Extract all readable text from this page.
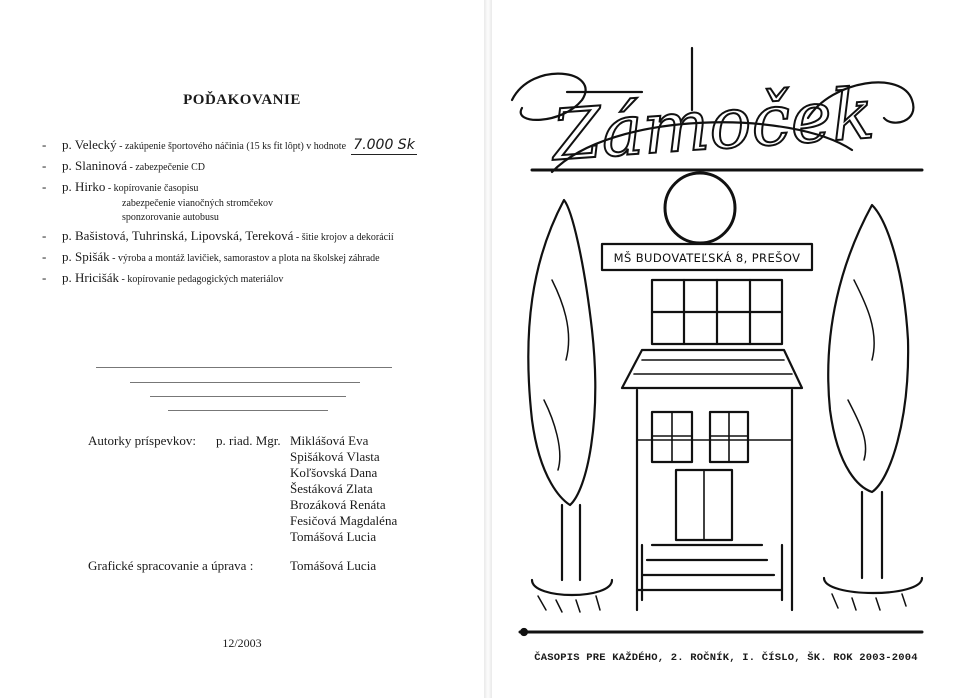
POĎAKOVANIE
- p. Velecký - zakúpenie športového náčinia (15 ks fit lôpt) v hodnote 7.000 Sk
- p. Slaninová - zabezpečenie CD
- p. Hirko - kopírovanie časopisu
zabezpečenie vianočných stromčekov
sponzorovanie autobusu
- p. Bašistová, Tuhrinská, Lipovská, Tereková - šitie krojov a dekorácií
- p. Spišák - výroba a montáž lavičiek, samorastov a plota na školskej záhrade
- p. Hricišák - kopírovanie pedagogických materiálov
Autorky príspevkov: p. riad. Mgr. Miklášová Eva
Spišáková Vlasta
Koľšovská Dana
Šestáková Zlata
Brozáková Renáta
Fesičová Magdaléna
Tomášová Lucia
Grafické spracovanie a úprava :	Tomášová Lucia
12/2003
Zámoček
MŠ BUDOVATEĽSKÁ 8, PREŠOV
ČASOPIS PRE KAŽDÉHO, 2. ROČNÍK, I. ČÍSLO, ŠK. ROK 2003-2004
